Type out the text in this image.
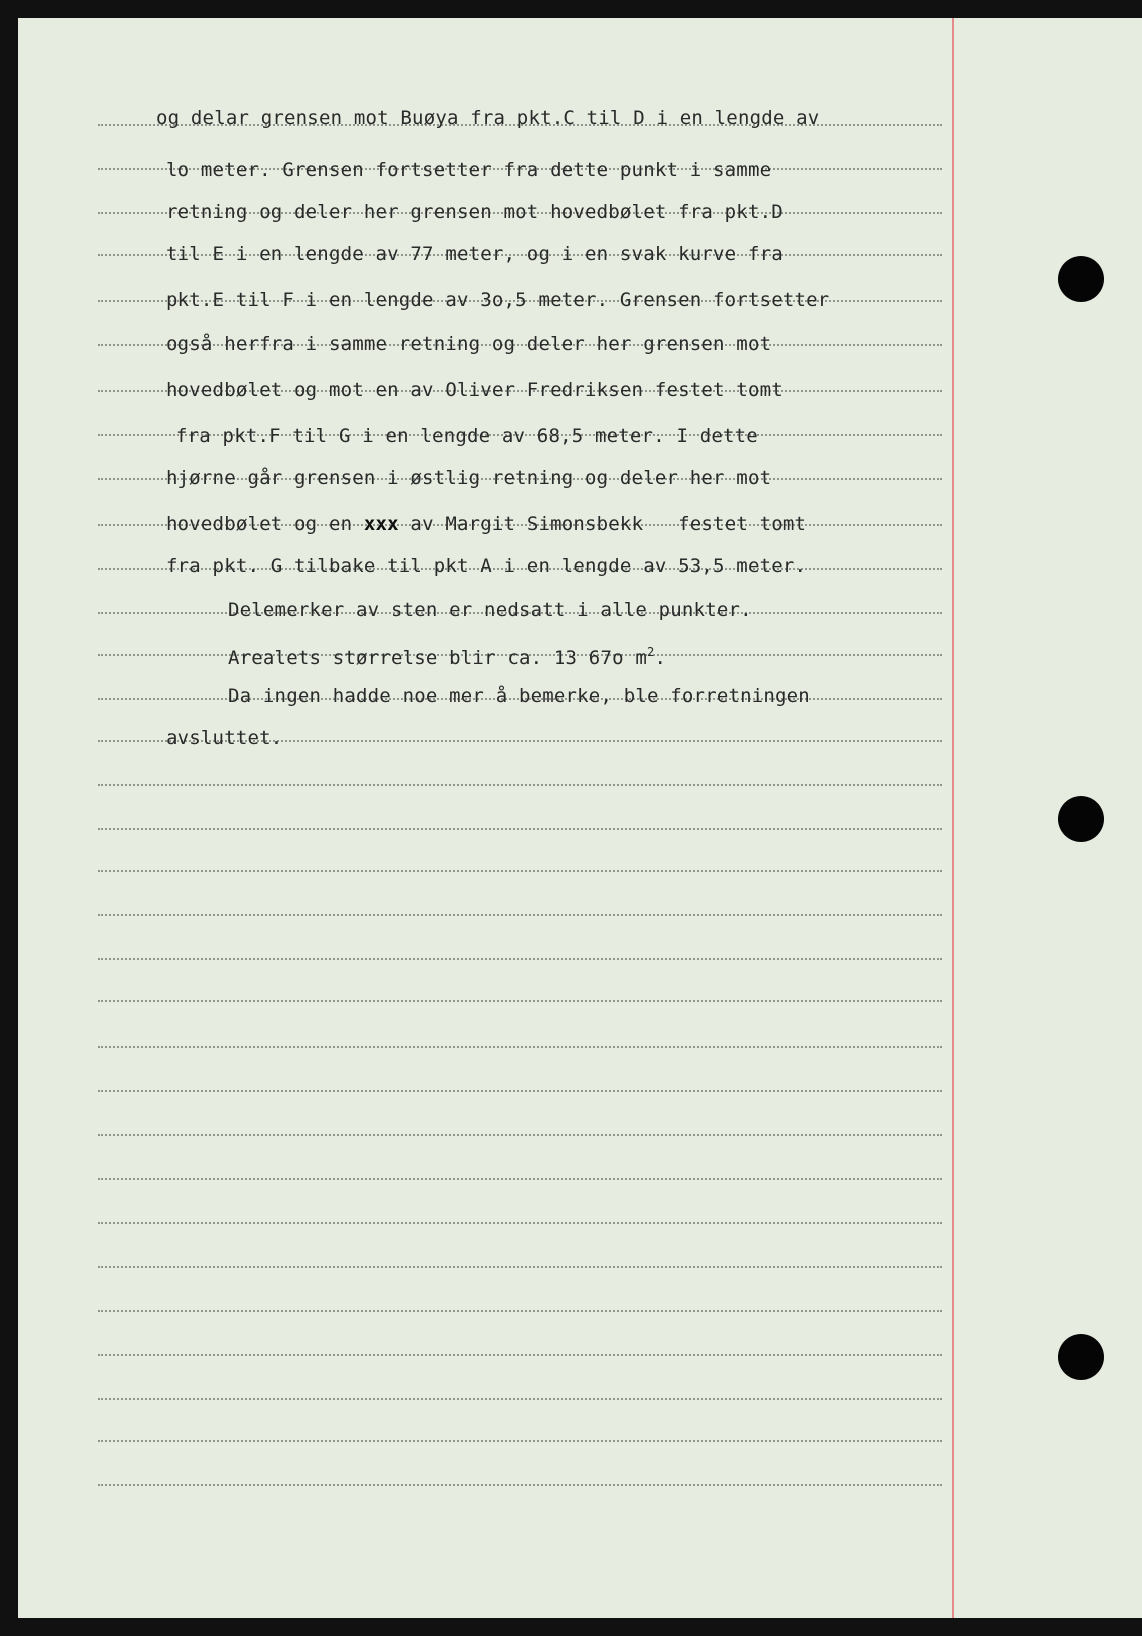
og delar grensen mot Buøya fra pkt.C til D i en lengde av
lo meter. Grensen fortsetter fra dette punkt i samme
retning og deler her grensen mot hovedbølet fra pkt.D
til E i en lengde av 77 meter, og i en svak kurve fra
pkt.E til F i en lengde av 3o,5 meter. Grensen fortsetter
også herfra i samme retning og deler her grensen mot
hovedbølet og mot en av Oliver Fredriksen festet tomt
fra pkt.F til G i en lengde av 68,5 meter. I dette
hjørne går grensen i østlig retning og deler her mot
hovedbølet og en xxx av Margit Simonsbekk   festet tomt
fra pkt. G tilbake til pkt A i en lengde av 53,5 meter.
Delemerker av sten er nedsatt i alle punkter.
Arealets størrelse blir ca. 13 67o $m^2$.
Da ingen hadde noe mer å bemerke, ble forretningen
avsluttet.
